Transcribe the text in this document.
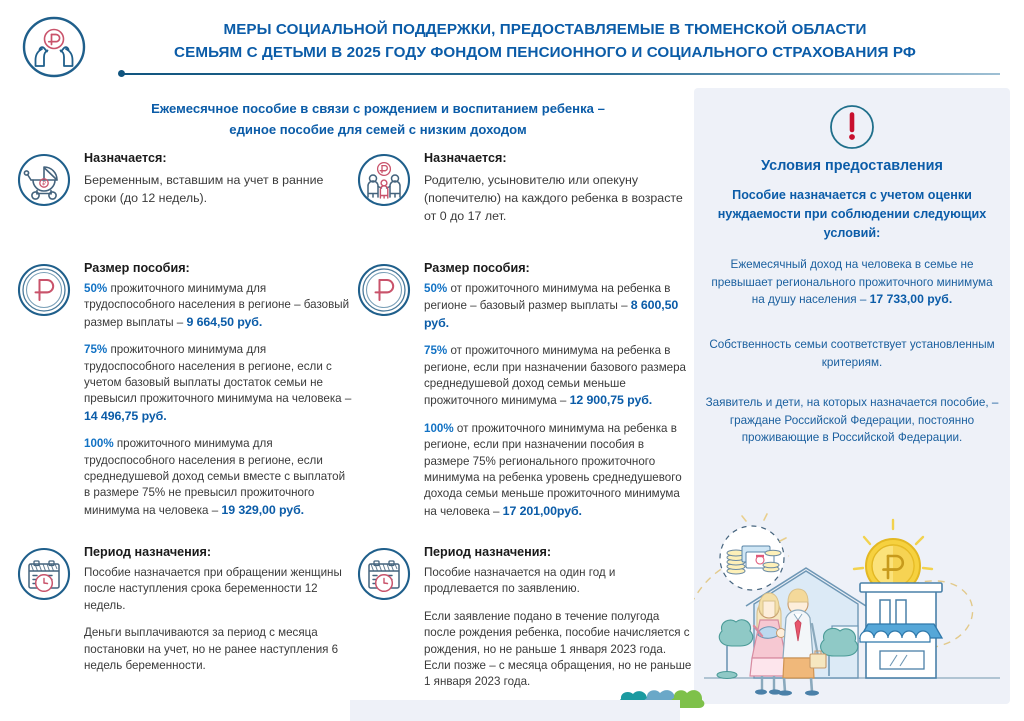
МЕРЫ СОЦИАЛЬНОЙ ПОДДЕРЖКИ, ПРЕДОСТАВЛЯЕМЫЕ В ТЮМЕНСКОЙ ОБЛАСТИ
СЕМЬЯМ С ДЕТЬМИ В 2025 ГОДУ ФОНДОМ ПЕНСИОННОГО И СОЦИАЛЬНОГО СТРАХОВАНИЯ РФ
Ежемесячное пособие в связи с рождением и воспитанием ребенка –
единое пособие для семей с низким доходом
₽
Назначается:
Беременным, вставшим на учет в ранние сроки (до 12 недель).
Размер пособия:
50% прожиточного минимума для трудоспособного населения в регионе – базовый размер выплаты – 9 664,50 руб.
75% прожиточного минимума для трудоспособного населения в регионе, если с учетом базовый выплаты достаток семьи не превысил прожиточного минимума на человека – 14 496,75 руб.
100% прожиточного минимума для трудоспособного населения в регионе, если среднедушевой доход семьи вместе с выплатой в размере 75% не превысил прожиточного минимума на человека – 19 329,00 руб.
Период назначения:
Пособие назначается при обращении женщины после наступления срока беременности 12 недель.
Деньги выплачиваются за период с месяца постановки на учет, но не ранее наступления 6 недель беременности.
Назначается:
Родителю, усыновителю или опекуну (попечителю) на каждого ребенка в возрасте от 0 до 17 лет.
Размер пособия:
50% от прожиточного минимума на ребенка в регионе – базовый размер выплаты – 8 600,50 руб.
75% от прожиточного минимума на ребенка в регионе, если при назначении базового размера среднедушевой доход семьи меньше прожиточного минимума – 12 900,75 руб.
100% от прожиточного минимума на ребенка в регионе, если при назначении пособия в размере 75% регионального прожиточного минимума на ребенка уровень среднедушевого дохода семьи меньше прожиточного минимума на человека – 17 201,00руб.
Период назначения:
Пособие назначается на один год и продлевается по заявлению.
Если заявление подано в течение полугода после рождения ребенка, пособие начисляется с рождения, но не раньше 1 января 2023 года. Если позже – с месяца обращения, но не раньше 1 января 2023 года.
Условия предоставления
Пособие назначается с учетом оценки нуждаемости при соблюдении следующих условий:
Ежемесячный доход на человека в семье не превышает регионального прожиточного минимума на душу населения – 17 733,00 руб.
Собственность семьи соответствует установленным критериям.
Заявитель и дети, на которых назначается пособие, – граждане Российской Федерации, постоянно проживающие в Российской Федерации.
